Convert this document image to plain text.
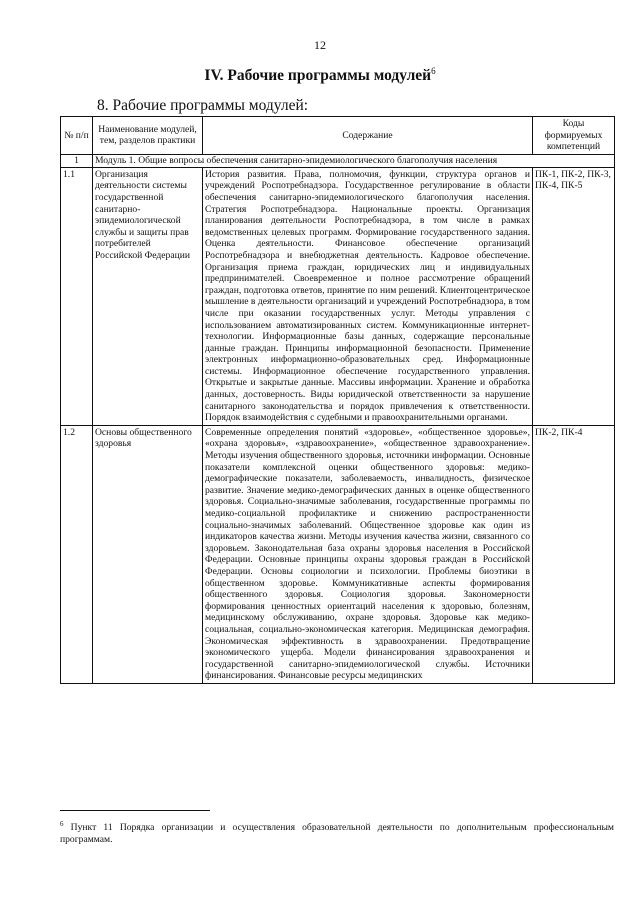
12
IV. Рабочие программы модулей$^6$
8. Рабочие программы модулей:
№ п/п	Наименование модулей, тем, разделов практики	Содержание	Коды формируемых компетенций
1	Модуль 1. Общие вопросы обеспечения санитарно-эпидемиологического благополучия населения		
1.1	Организация деятельности системы государственной санитарно-эпидемиологической службы и защиты прав потребителей Российской Федерации	История развития. Права, полномочия, функции, структура органов и учреждений Роспотребнадзора. Государственное регулирование в области обеспечения санитарно-эпидемиологического благополучия населения. Стратегия Роспотребнадзора. Национальные проекты. Организация планирования деятельности Роспотребнадзора, в том числе в рамках ведомственных целевых программ. Формирование государственного задания. Оценка деятельности. Финансовое обеспечение организаций Роспотребнадзора и внебюджетная деятельность. Кадровое обеспечение. Организация приема граждан, юридических лиц и индивидуальных предпринимателей. Своевременное и полное рассмотрение обращений граждан, подготовка ответов, принятие по ним решений. Клиентоцентрическое мышление в деятельности организаций и учреждений Роспотребнадзора, в том числе при оказании государственных услуг. Методы управления с использованием автоматизированных систем. Коммуникационные интернет-технологии. Информационные базы данных, содержащие персональные данные граждан. Принципы информационной безопасности. Применение электронных информационно-образовательных сред. Информационные системы. Информационное обеспечение государственного управления. Открытые и закрытые данные. Массивы информации. Хранение и обработка данных, достоверность. Виды юридической ответственности за нарушение санитарного законодательства и порядок привлечения к ответственности. Порядок взаимодействия с судебными и правоохранительными органами.	ПК-1, ПК-2, ПК-3, ПК-4, ПК-5
1.2	Основы общественного здоровья	Современные определения понятий «здоровье», «общественное здоровье», «охрана здоровья», «здравоохранение», «общественное здравоохранение». Методы изучения общественного здоровья, источники информации. Основные показатели комплексной оценки общественного здоровья: медико-демографические показатели, заболеваемость, инвалидность, физическое развитие. Значение медико-демографических данных в оценке общественного здоровья. Социально-значимые заболевания, государственные программы по медико-социальной профилактике и снижению распространенности социально-значимых заболеваний. Общественное здоровье как один из индикаторов качества жизни. Методы изучения качества жизни, связанного со здоровьем. Законодательная база охраны здоровья населения в Российской Федерации. Основные принципы охраны здоровья граждан в Российской Федерации. Основы социологии и психологии. Проблемы биоэтики в общественном здоровье. Коммуникативные аспекты формирования общественного здоровья. Социология здоровья. Закономерности формирования ценностных ориентаций населения к здоровью, болезням, медицинскому обслуживанию, охране здоровья. Здоровье как медико-социальная, социально-экономическая категория. Медицинская демография. Экономическая эффективность в здравоохранении. Предотвращение экономического ущерба. Модели финансирования здравоохранения и государственной санитарно-эпидемиологической службы. Источники финансирования. Финансовые ресурсы медицинских	ПК-2, ПК-4
$^6$ Пункт 11 Порядка организации и осуществления образовательной деятельности по дополнительным профессиональным программам.
